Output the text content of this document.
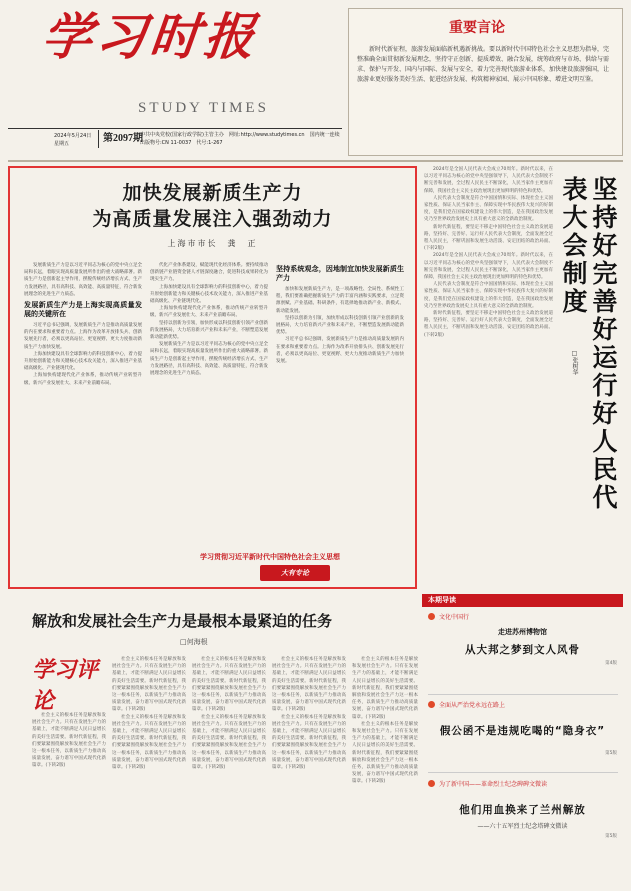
学习时报
STUDY TIMES
2024年5月24日 星期五	第2097期
中共中央党校(国家行政学院)主管主办　网址:http://www.studytimes.cn　国内统一连续出版物号:CN 11-0037　代号:1-267
重要言论

新时代新征程，旅游发展面临新机遇新挑战。要以新时代中国特色社会主义思想为指导，完整准确全面贯彻新发展理念，坚持守正创新、提质增效、融合发展，统筹政府与市场、供给与需求、保护与开发、国内与国际、发展与安全，着力完善现代旅游业体系，加快建设旅游强国，让旅游业更好服务美好生活、促进经济发展、构筑精神家园、展示中国形象、增进文明互鉴。

加快发展新质生产力
为高质量发展注入强劲动力
上海市市长　龚　正

发展新质生产力是以习近平同志为核心的党中央立足全局和长远，着眼实现高质量发展所作出的重大战略部署。新质生产力是创新起主导作用，摆脱传统经济增长方式、生产力发展路径，具有高科技、高效能、高质量特征，符合新发展理念的先进生产力质态。

发展新质生产力是上海实现高质量发展的关键所在

习近平总书记强调，发展新质生产力是推动高质量发展的内在要求和重要着力点。上海作为改革开放排头兵、创新发展先行者，必须以更高站位、更宽视野、更大力度推动新质生产力加快发展。

上海加快建设具有全球影响力的科技创新中心，着力提升原始创新能力和关键核心技术攻关能力，深入推进产业基础高级化、产业链现代化。

上海加快构建现代化产业体系，推动传统产业转型升级、新兴产业发展壮大、未来产业前瞻布局。

代化产业体系建设，赋能现代化经济体系。要持续推动创新链产业链资金链人才链深度融合，促进科技成果转化为现实生产力。

上海加快建设具有全球影响力的科技创新中心，着力提升原始创新能力和关键核心技术攻关能力，深入推进产业基础高级化、产业链现代化。

上海加快构建现代化产业体系，推动传统产业转型升级、新兴产业发展壮大、未来产业前瞻布局。

坚持以创新为引领，加快形成以科技创新引领产业创新的发展格局，大力培育新兴产业和未来产业，不断塑造发展新动能新优势。

发展新质生产力是以习近平同志为核心的党中央立足全局和长远，着眼实现高质量发展所作出的重大战略部署。新质生产力是创新起主导作用，摆脱传统经济增长方式、生产力发展路径，具有高科技、高效能、高质量特征，符合新发展理念的先进生产力质态。

坚持系统观念，因地制宜加快发展新质生产力

加快和发展新质生产力，是一项战略性、全局性、系统性工程，我们要准确把握新质生产力的丰富内涵和实践要求，立足资源禀赋、产业基础、科研条件，有选择地推动新产业、新模式、新动能发展。

坚持以创新为引领，加快形成以科技创新引领产业创新的发展格局，大力培育新兴产业和未来产业，不断塑造发展新动能新优势。

习近平总书记强调，发展新质生产力是推动高质量发展的内在要求和重要着力点。上海作为改革开放排头兵、创新发展先行者，必须以更高站位、更宽视野、更大力度推动新质生产力加快发展。

学习贯彻习近平新时代中国特色社会主义思想
大有专论

2024年是全国人民代表大会成立70周年。新时代以来，在以习近平同志为核心的党中央坚强领导下，人民代表大会制度不断完善和发展，全过程人民民主不断深化，人民当家作主更加有保障，我国社会主义民主政治展现出更加鲜明的特色和优势。

人民代表大会制度是符合中国国情和实际、体现社会主义国家性质、保证人民当家作主、保障实现中华民族伟大复兴的好制度，是我们党在国家政权建设上的伟大创造，是在我国政治发展史乃至世界政治发展史上具有重大意义的全新政治制度。

新时代新征程，要坚定不移走中国特色社会主义政治发展道路，坚持好、完善好、运行好人民代表大会制度，全面发展全过程人民民主，不断巩固和发展生动活泼、安定团结的政治局面。(下转2版)

2024年是全国人民代表大会成立70周年。新时代以来，在以习近平同志为核心的党中央坚强领导下，人民代表大会制度不断完善和发展，全过程人民民主不断深化，人民当家作主更加有保障，我国社会主义民主政治展现出更加鲜明的特色和优势。

人民代表大会制度是符合中国国情和实际、体现社会主义国家性质、保证人民当家作主、保障实现中华民族伟大复兴的好制度，是我们党在国家政权建设上的伟大创造，是在我国政治发展史乃至世界政治发展史上具有重大意义的全新政治制度。

新时代新征程，要坚定不移走中国特色社会主义政治发展道路，坚持好、完善好、运行好人民代表大会制度，全面发展全过程人民民主，不断巩固和发展生动活泼、安定团结的政治局面。(下转2版)	坚持好完善好运行好人民代表大会制度
□张树华
解放和发展社会生产力是最根本最紧迫的任务
□何海根
学习评论

社会主义的根本任务是解放和发展社会生产力。只有在发展生产力的基础上，才能不断满足人民日益增长的美好生活需要。新时代新征程，我们要紧紧围绕解放和发展社会生产力这一根本任务，以新质生产力推动高质量发展，奋力谱写中国式现代化新篇章。(下转2版)

社会主义的根本任务是解放和发展社会生产力。只有在发展生产力的基础上，才能不断满足人民日益增长的美好生活需要。新时代新征程，我们要紧紧围绕解放和发展社会生产力这一根本任务，以新质生产力推动高质量发展，奋力谱写中国式现代化新篇章。(下转2版)

社会主义的根本任务是解放和发展社会生产力。只有在发展生产力的基础上，才能不断满足人民日益增长的美好生活需要。新时代新征程，我们要紧紧围绕解放和发展社会生产力这一根本任务，以新质生产力推动高质量发展，奋力谱写中国式现代化新篇章。(下转2版)

社会主义的根本任务是解放和发展社会生产力。只有在发展生产力的基础上，才能不断满足人民日益增长的美好生活需要。新时代新征程，我们要紧紧围绕解放和发展社会生产力这一根本任务，以新质生产力推动高质量发展，奋力谱写中国式现代化新篇章。(下转2版)

社会主义的根本任务是解放和发展社会生产力。只有在发展生产力的基础上，才能不断满足人民日益增长的美好生活需要。新时代新征程，我们要紧紧围绕解放和发展社会生产力这一根本任务，以新质生产力推动高质量发展，奋力谱写中国式现代化新篇章。(下转2版)

社会主义的根本任务是解放和发展社会生产力。只有在发展生产力的基础上，才能不断满足人民日益增长的美好生活需要。新时代新征程，我们要紧紧围绕解放和发展社会生产力这一根本任务，以新质生产力推动高质量发展，奋力谱写中国式现代化新篇章。(下转2版)

社会主义的根本任务是解放和发展社会生产力。只有在发展生产力的基础上，才能不断满足人民日益增长的美好生活需要。新时代新征程，我们要紧紧围绕解放和发展社会生产力这一根本任务，以新质生产力推动高质量发展，奋力谱写中国式现代化新篇章。(下转2版)

社会主义的根本任务是解放和发展社会生产力。只有在发展生产力的基础上，才能不断满足人民日益增长的美好生活需要。新时代新征程，我们要紧紧围绕解放和发展社会生产力这一根本任务，以新质生产力推动高质量发展，奋力谱写中国式现代化新篇章。(下转2版)

社会主义的根本任务是解放和发展社会生产力。只有在发展生产力的基础上，才能不断满足人民日益增长的美好生活需要。新时代新征程，我们要紧紧围绕解放和发展社会生产力这一根本任务，以新质生产力推动高质量发展，奋力谱写中国式现代化新篇章。(下转2版)

本期导读
文化中国行
走进苏州博物馆
从大邦之梦到文人风骨
第4版
全面从严治党永远在路上
假公函不是违规吃喝的“隐身衣”
第5版
为了新中国——革命烈士纪念碑碑文微读
他们用血换来了兰州解放
——六十五军烈士纪念塔碑文微读
第5版
